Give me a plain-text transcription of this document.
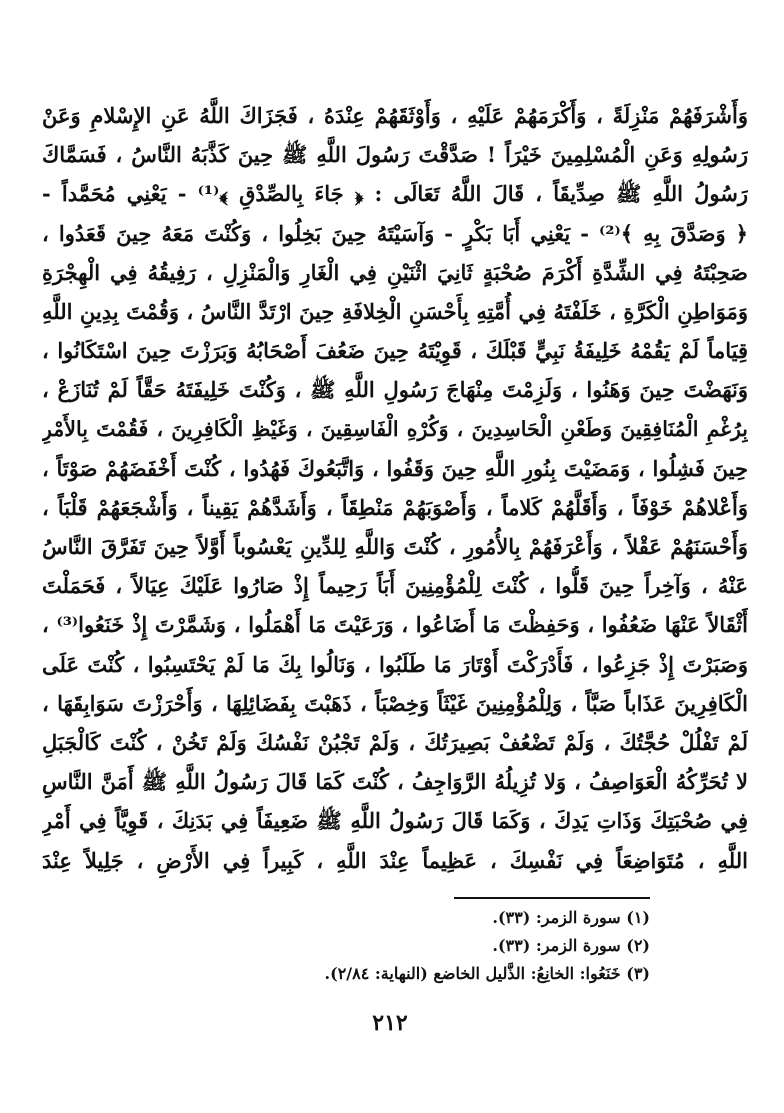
وَأَشْرَفَهُمْ مَنْزِلَةً ، وَأَكْرَمَهُمْ عَلَيْهِ ، وَأَوْثَقَهُمْ عِنْدَهُ ، فَجَزَاكَ اللَّهُ عَنِ الإِسْلامِ وَعَنْ
رَسُولِهِ وَعَنِ الْمُسْلِمِينَ خَيْرَاً ! صَدَّقْتَ رَسُولَ اللَّهِ ﷺ حِينَ كَذَّبَهُ النَّاسُ ، فَسَمَّاكَ
رَسُولُ اللَّهِ ﷺ صِدِّيقَاً ، قَالَ اللَّهُ تَعَالَى : ﴿ جَاءَ بِالصِّدْقِ ﴾⁽¹⁾ - يَعْنِي مُحَمَّداً -
﴿ وَصَدَّقَ بِهِ ﴾⁽²⁾ - يَعْنِي أَبَا بَكْرٍ - وَآسَيْتَهُ حِينَ بَخِلُوا ، وَكُنْتَ مَعَهُ حِينَ قَعَدُوا ،
صَحِبْتَهُ فِي الشِّدَّةِ أَكْرَمَ صُحْبَةٍ ثَانِيَ اثْنَيْنِ فِي الْغَارِ وَالْمَنْزِلِ ، رَفِيقُهُ فِي الْهِجْرَةِ
وَمَوَاطِنِ الْكَرَّةِ ، خَلَفْتَهُ فِي أُمَّتِهِ بِأَحْسَنِ الْخِلافَةِ حِينَ ارْتَدَّ النَّاسُ ، وَقُمْتَ بِدِينِ اللَّهِ
قِيَاماً لَمْ يَقُمْهُ خَلِيفَةُ نَبِيٍّ قَبْلَكَ ، قَوِيْتَهُ حِينَ ضَعُفَ أَصْحَابُهُ وَبَرَزْتَ حِينَ اسْتَكَانُوا ،
وَنَهَضْتَ حِينَ وَهَنُوا ، وَلَزِمْتَ مِنْهَاجَ رَسُولِ اللَّهِ ﷺ ، وَكُنْتَ خَلِيفَتَهُ حَقَّاً لَمْ تُنَازَعْ ،
بِرُغْمِ الْمُنَافِقِينَ وَطَعْنِ الْحَاسِدِينَ ، وَكُرْهِ الْفَاسِقِينَ ، وَغَيْظِ الْكَافِرِينَ ، فَقُمْتَ بِالأَمْرِ
حِينَ فَشِلُوا ، وَمَضَيْتَ بِنُورِ اللَّهِ حِينَ وَقَفُوا ، وَاتَّبَعُوكَ فَهُدُوا ، كُنْتَ أَخْفَضَهُمْ صَوْتَاً ،
وَأَعْلاهُمْ خَوْفَاً ، وَأَقَلَّهُمْ كَلاماً ، وَأَصْوَبَهُمْ مَنْطِقَاً ، وَأَشَدَّهُمْ يَقِيناً ، وَأَشْجَعَهُمْ قَلْبَاً ،
وَأَحْسَنَهُمْ عَقْلاً ، وَأَعْرَفَهُمْ بِالأُمُورِ ، كُنْتَ وَاللَّهِ لِلدِّينِ يَعْسُوباً أَوَّلاً حِينَ تَفَرَّقَ النَّاسُ
عَنْهُ ، وَآخِراً حِينَ قَلُّوا ، كُنْتَ لِلْمُؤْمِنِينَ أَبَاً رَحِيماً إِذْ صَارُوا عَلَيْكَ عِيَالاً ، فَحَمَلْتَ
أَثْقَالاً عَنْهَا ضَعُفُوا ، وَحَفِظْتَ مَا أَضَاعُوا ، وَرَعَيْتَ مَا أَهْمَلُوا ، وَشَمَّرْتَ إِذْ خَنَعُوا⁽³⁾ ،
وَصَبَرْتَ إِذْ جَزِعُوا ، فَأَدْرَكْتَ أَوْتَارَ مَا طَلَبُوا ، وَنَالُوا بِكَ مَا لَمْ يَحْتَسِبُوا ، كُنْتَ عَلَى
الْكَافِرِينَ عَذَاباً صَبَّاً ، وَلِلْمُؤْمِنِينَ غَيْثَاً وَخِصْبَاً ، ذَهَبْتَ بِفَضَائِلِهَا ، وَأَحْرَزْتَ سَوَابِقَهَا ،
لَمْ تَفْلُلْ حُجَّتُكَ ، وَلَمْ تَضْعُفْ بَصِيرَتُكَ ، وَلَمْ تَجْبُنْ نَفْسُكَ وَلَمْ تَخُنْ ، كُنْتَ كَالْجَبَلِ
لا تُحَرِّكُهُ الْعَوَاصِفُ ، وَلا تُزِيلُهُ الرَّوَاجِفُ ، كُنْتَ كَمَا قَالَ رَسُولُ اللَّهِ ﷺ أَمَنَّ النَّاسِ
فِي صُحْبَتِكَ وَذَاتِ يَدِكَ ، وَكَمَا قَالَ رَسُولُ اللَّهِ ﷺ ضَعِيفَاً فِي بَدَنِكَ ، قَوِيَّاً فِي أَمْرِ
اللَّهِ ، مُتَوَاضِعَاً فِي نَفْسِكَ ، عَظِيماً عِنْدَ اللَّهِ ، كَبِيراً فِي الأَرْضِ ، جَلِيلاً عِنْدَ
(١) سورة الزمر: (٣٣).
(٢) سورة الزمر: (٣٣).
(٣) خَنَعُوا: الخانِعُ: الذَّليل الخاضع (النهاية: ٢/٨٤).
٢١٢
